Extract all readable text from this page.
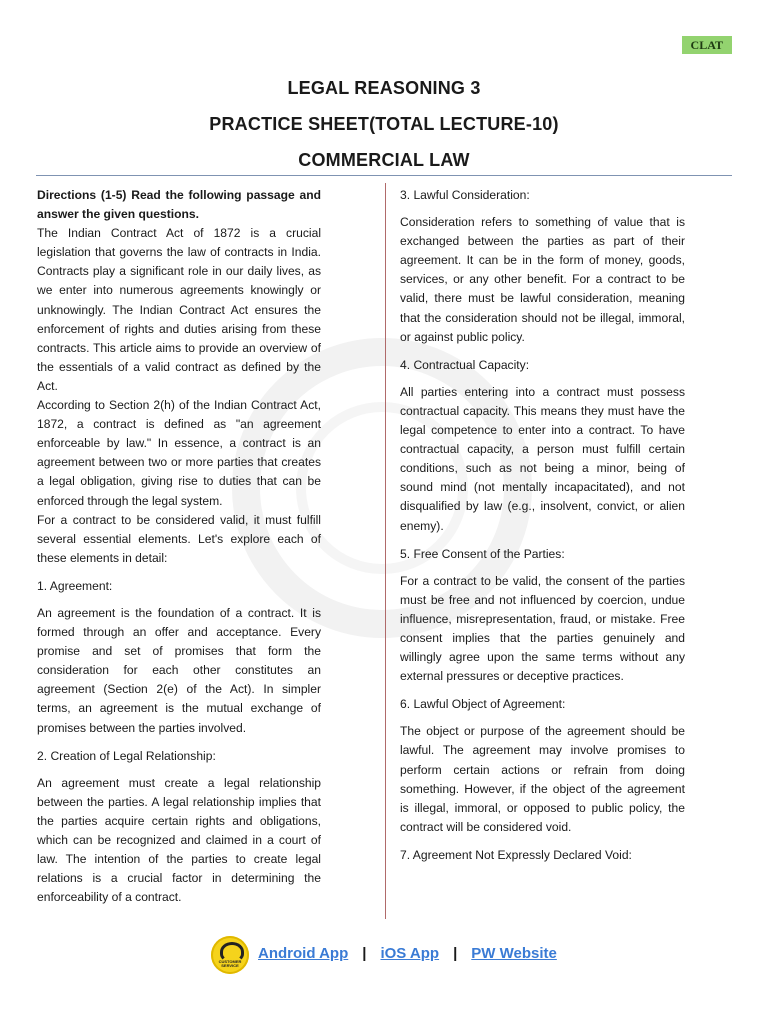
CLAT
LEGAL REASONING 3
PRACTICE SHEET(TOTAL LECTURE-10)
COMMERCIAL LAW

Directions (1-5) Read the following passage and answer the given questions.

The Indian Contract Act of 1872 is a crucial legislation that governs the law of contracts in India. Contracts play a significant role in our daily lives, as we enter into numerous agreements knowingly or unknowingly. The Indian Contract Act ensures the enforcement of rights and duties arising from these contracts. This article aims to provide an overview of the essentials of a valid contract as defined by the Act.

According to Section 2(h) of the Indian Contract Act, 1872, a contract is defined as "an agreement enforceable by law." In essence, a contract is an agreement between two or more parties that creates a legal obligation, giving rise to duties that can be enforced through the legal system.

For a contract to be considered valid, it must fulfill several essential elements. Let's explore each of these elements in detail:

1. Agreement:

An agreement is the foundation of a contract. It is formed through an offer and acceptance. Every promise and set of promises that form the consideration for each other constitutes an agreement (Section 2(e) of the Act). In simpler terms, an agreement is the mutual exchange of promises between the parties involved.

2. Creation of Legal Relationship:

An agreement must create a legal relationship between the parties. A legal relationship implies that the parties acquire certain rights and obligations, which can be recognized and claimed in a court of law. The intention of the parties to create legal relations is a crucial factor in determining the enforceability of a contract.

3. Lawful Consideration:

Consideration refers to something of value that is exchanged between the parties as part of their agreement. It can be in the form of money, goods, services, or any other benefit. For a contract to be valid, there must be lawful consideration, meaning that the consideration should not be illegal, immoral, or against public policy.

4. Contractual Capacity:

All parties entering into a contract must possess contractual capacity. This means they must have the legal competence to enter into a contract. To have contractual capacity, a person must fulfill certain conditions, such as not being a minor, being of sound mind (not mentally incapacitated), and not disqualified by law (e.g., insolvent, convict, or alien enemy).

5. Free Consent of the Parties:

For a contract to be valid, the consent of the parties must be free and not influenced by coercion, undue influence, misrepresentation, fraud, or mistake. Free consent implies that the parties genuinely and willingly agree upon the same terms without any external pressures or deceptive practices.

6. Lawful Object of Agreement:

The object or purpose of the agreement should be lawful. The agreement may involve promises to perform certain actions or refrain from doing something. However, if the object of the agreement is illegal, immoral, or opposed to public policy, the contract will be considered void.

7. Agreement Not Expressly Declared Void:

CUSTOMER SERVICE
Android App | iOS App | PW Website
